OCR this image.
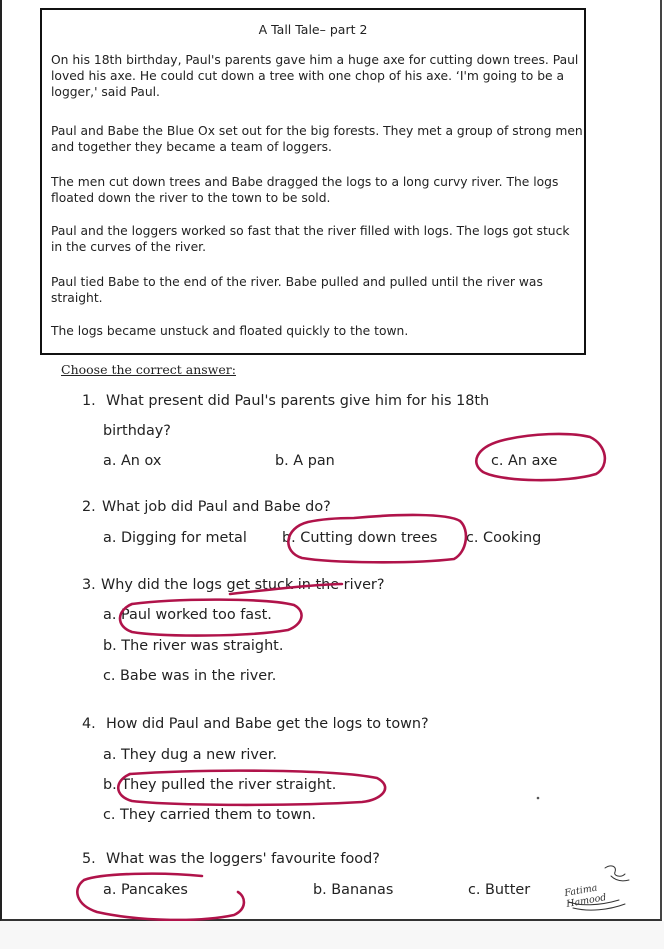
A Tall Tale– part 2

On his 18th birthday, Paul's parents gave him a huge axe for cutting down trees. Paul loved his axe. He could cut down a tree with one chop of his axe. ‘I'm going to be a logger,' said Paul.

Paul and Babe the Blue Ox set out for the big forests. They met a group of strong men and together they became a team of loggers.

The men cut down trees and Babe dragged the logs to a long curvy river. The logs floated down the river to the town to be sold.

Paul and the loggers worked so fast that the river filled with logs. The logs got stuck in the curves of the river.

Paul tied Babe to the end of the river. Babe pulled and pulled until the river was straight.

The logs became unstuck and floated quickly to the town.

Choose the correct answer:
1. What present did Paul's parents give him for his 18th
birthday?
a. An ox	b. A pan	c. An axe
2. What job did Paul and Babe do?
a. Digging for metal b. Cutting down trees c. Cooking
3. Why did the logs get stuck in the river?
a. Paul worked too fast.
b. The river was straight.
c. Babe was in the river.
4. How did Paul and Babe get the logs to town?
a. They dug a new river.
b. They pulled the river straight.
c. They carried them to town.
5. What was the loggers' favourite food?
a. Pancakes	b. Bananas	c. Butter	Fatima Hamood
